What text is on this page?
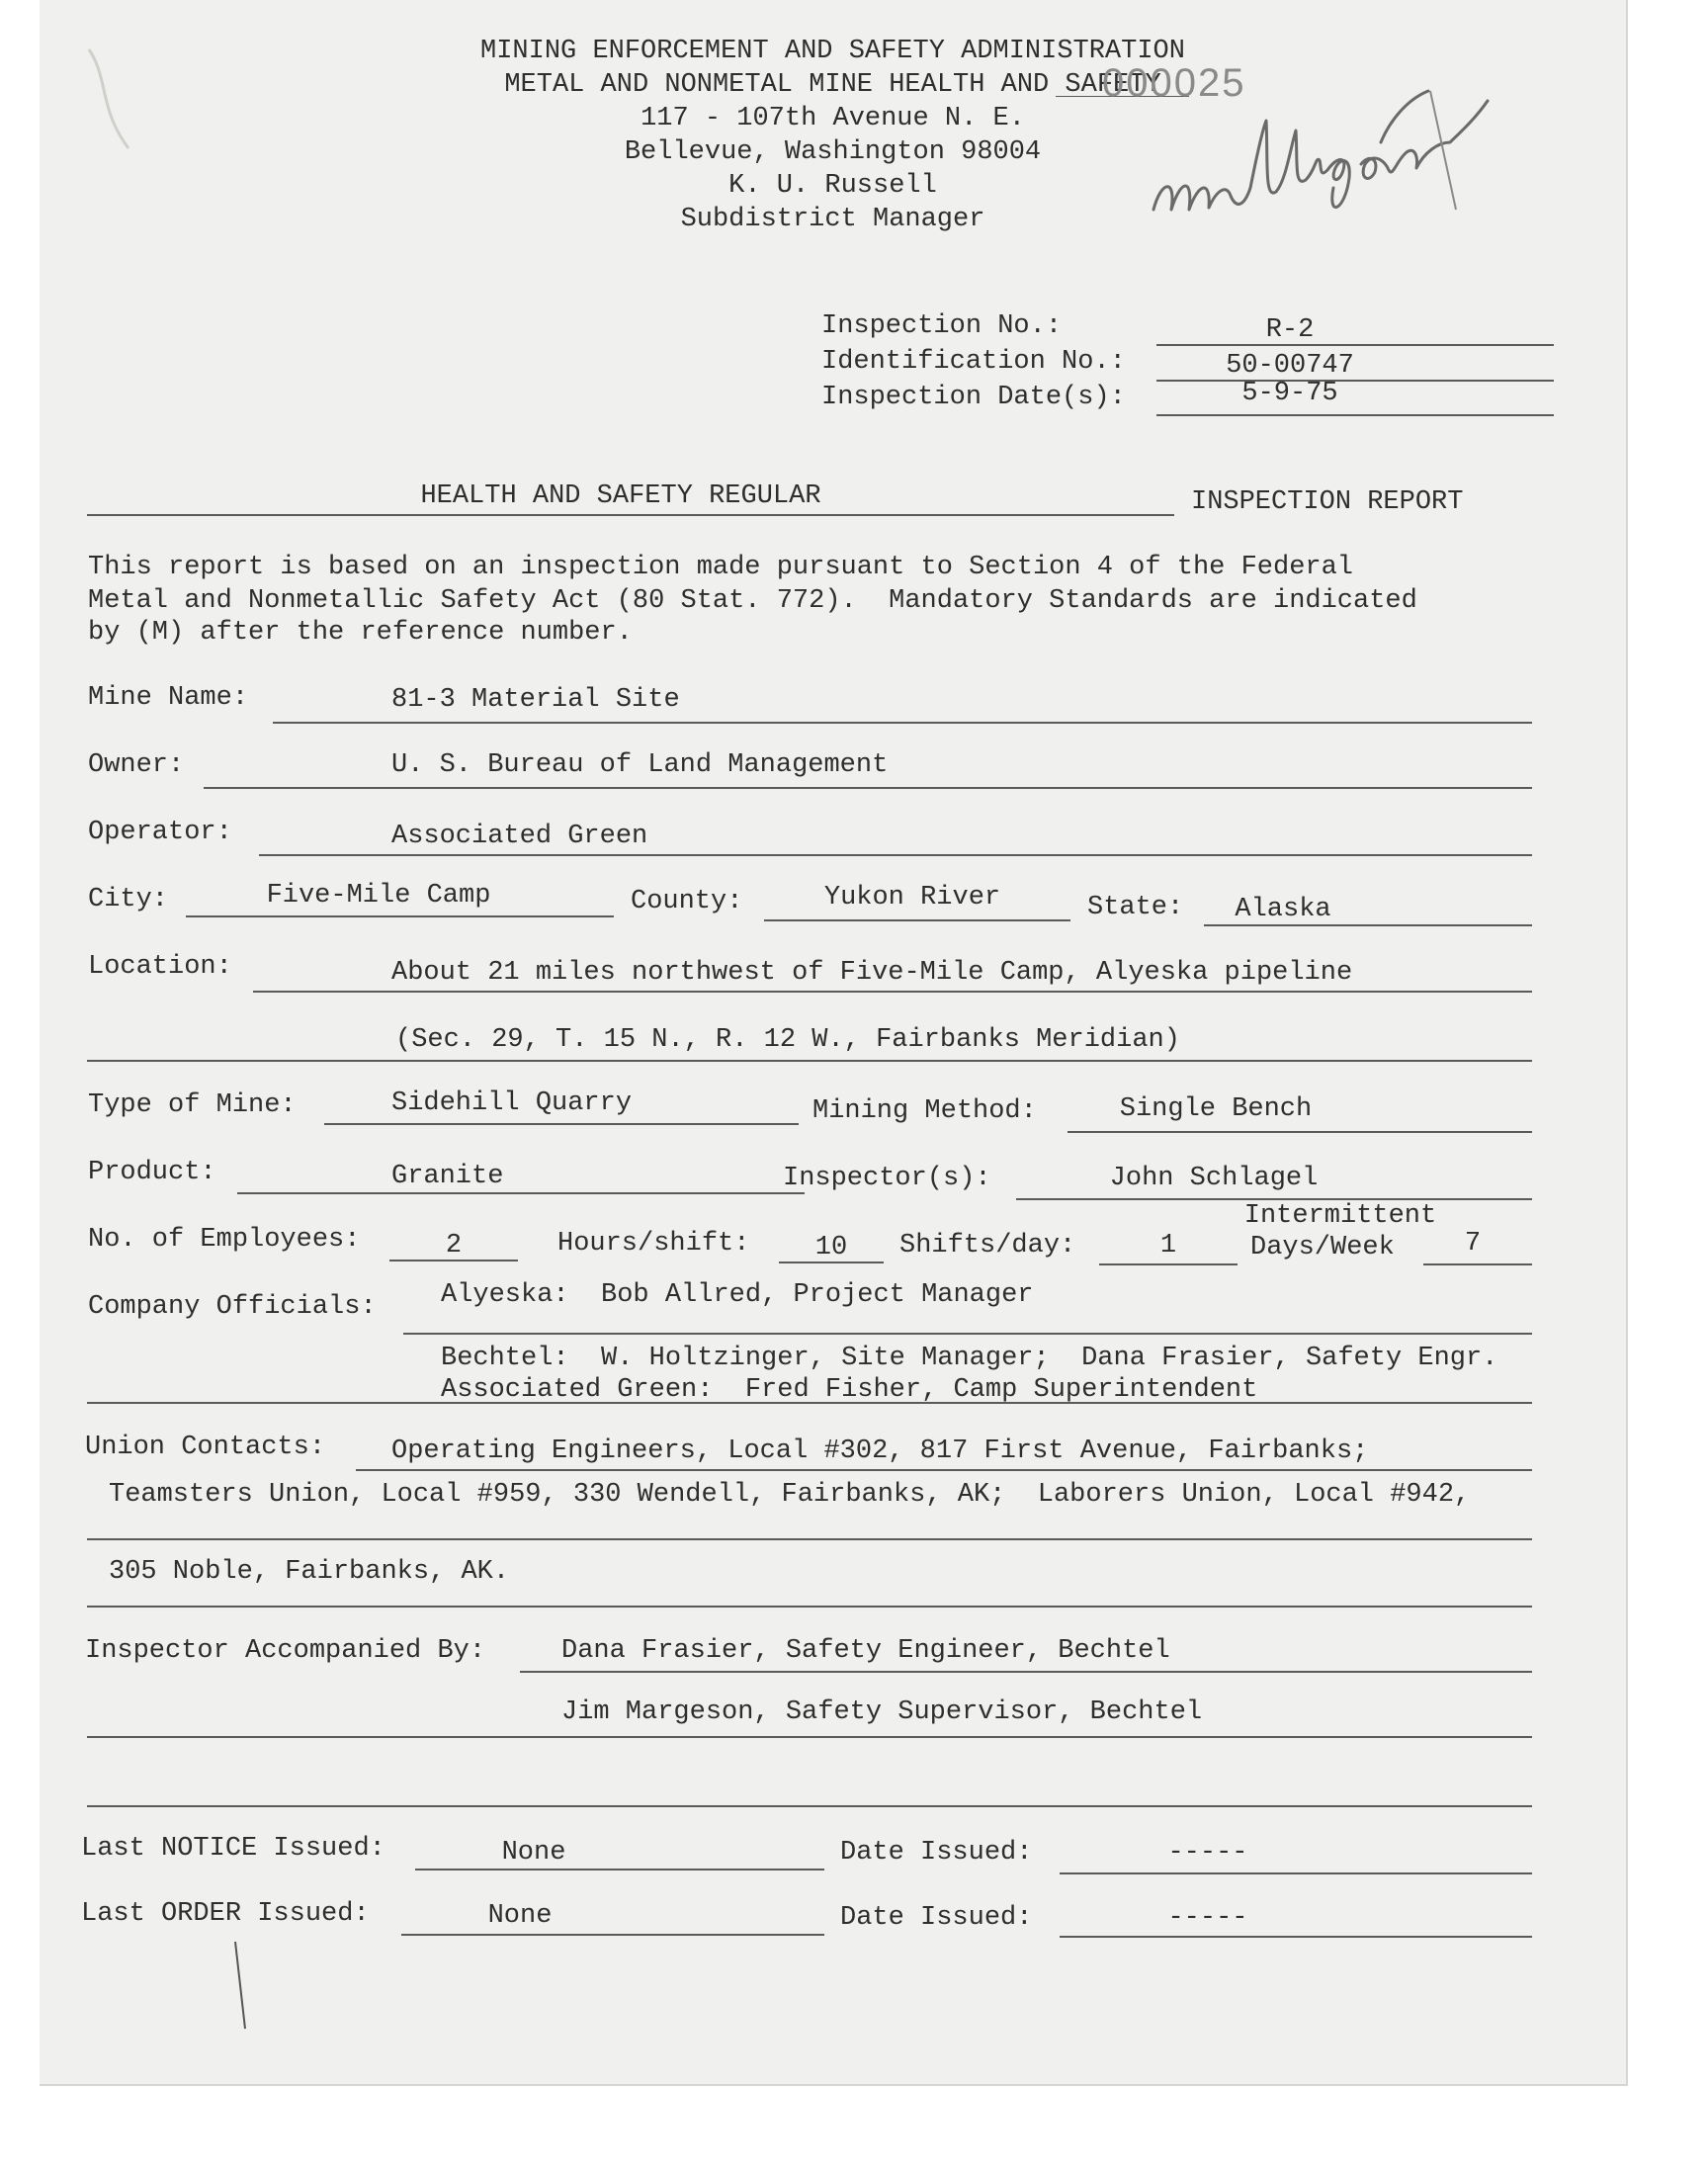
MINING ENFORCEMENT AND SAFETY ADMINISTRATION
METAL AND NONMETAL MINE HEALTH AND SAFETY
117 - 107th Avenue N. E.
Bellevue, Washington 98004
K. U. Russell
Subdistrict Manager
000025
Inspection No.:	R-2
Identification No.:	50-00747
Inspection Date(s):	5-9-75
HEALTH AND SAFETY REGULAR	INSPECTION REPORT
This report is based on an inspection made pursuant to Section 4 of the Federal
Metal and Nonmetallic Safety Act (80 Stat. 772).  Mandatory Standards are indicated
by (M) after the reference number.
Mine Name:	81-3 Material Site
Owner:	U. S. Bureau of Land Management
Operator:	Associated Green
City:	Five-Mile Camp	County:	Yukon River	State:	Alaska
Location:	About 21 miles northwest of Five-Mile Camp, Alyeska pipeline
(Sec. 29, T. 15 N., R. 12 W., Fairbanks Meridian)
Type of Mine:	Sidehill Quarry	Mining Method:	Single Bench
Product:	Granite	Inspector(s):	John Schlagel
Intermittent
No. of Employees:	2	Hours/shift:	10	Shifts/day:	1	Days/Week	7
Company Officials: Alyeska:  Bob Allred, Project Manager
Bechtel:  W. Holtzinger, Site Manager;  Dana Frasier, Safety Engr.
Associated Green:  Fred Fisher, Camp Superintendent
Union Contacts: Operating Engineers, Local #302, 817 First Avenue, Fairbanks;
Teamsters Union, Local #959, 330 Wendell, Fairbanks, AK;  Laborers Union, Local #942,
305 Noble, Fairbanks, AK.
Inspector Accompanied By:	Dana Frasier, Safety Engineer, Bechtel
Jim Margeson, Safety Supervisor, Bechtel
Last NOTICE Issued:	None	Date Issued:	-----
Last ORDER Issued:	None	Date Issued:	-----
